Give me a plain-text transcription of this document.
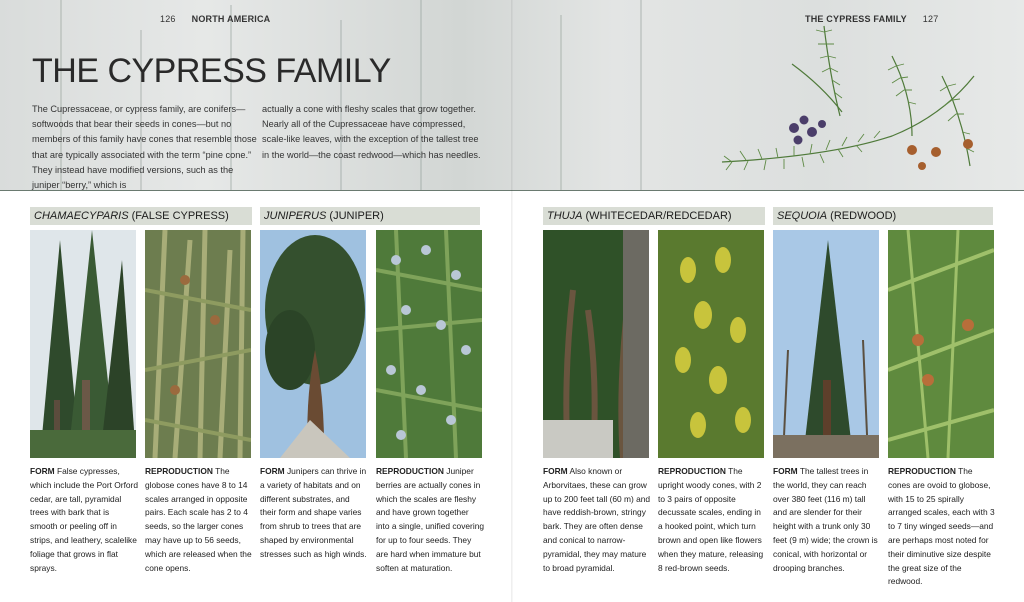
126 NORTH AMERICA	THE CYPRESS FAMILY 127
THE CYPRESS FAMILY
The Cupressaceae, or cypress family, are conifers—softwoods that bear their seeds in cones—but no members of this family have cones that resemble those that are typically associated with the term “pine cone.” They instead have modified versions, such as the juniper “berry,” which is
actually a cone with fleshy scales that grow together. Nearly all of the Cupressaceae have compressed, scale-like leaves, with the exception of the tallest tree in the world—the coast redwood—which has needles.
CHAMAECYPARIS (FALSE CYPRESS)	JUNIPERUS (JUNIPER)	THUJA (WHITECEDAR/REDCEDAR)	SEQUOIA (REDWOOD)
FORM False cypresses, which include the Port Orford cedar, are tall, pyramidal trees with bark that is smooth or peeling off in strips, and leathery, scalelike foliage that grows in flat sprays.
REPRODUCTION The globose cones have 8 to 14 scales arranged in opposite pairs. Each scale has 2 to 4 seeds, so the larger cones may have up to 56 seeds, which are released when the cone opens.
FORM Junipers can thrive in a variety of habitats and on different substrates, and their form and shape varies from shrub to trees that are shaped by environmental stresses such as high winds.
REPRODUCTION Juniper berries are actually cones in which the scales are fleshy and have grown together into a single, unified covering for up to four seeds. They are hard when immature but soften at maturation.
FORM Also known or Arborvitaes, these can grow up to 200 feet tall (60 m) and have reddish-brown, stringy bark. They are often dense and conical to narrow-pyramidal, they may mature to broad pyramidal.
REPRODUCTION The upright woody cones, with 2 to 3 pairs of opposite decussate scales, ending in a hooked point, which turn brown and open like flowers when they mature, releasing 8 red-brown seeds.
FORM The tallest trees in the world, they can reach over 380 feet (116 m) tall and are slender for their height with a trunk only 30 feet (9 m) wide; the crown is conical, with horizontal or drooping branches.
REPRODUCTION The cones are ovoid to globose, with 15 to 25 spirally arranged scales, each with 3 to 7 tiny winged seeds—and are perhaps most noted for their diminutive size despite the great size of the redwood.
